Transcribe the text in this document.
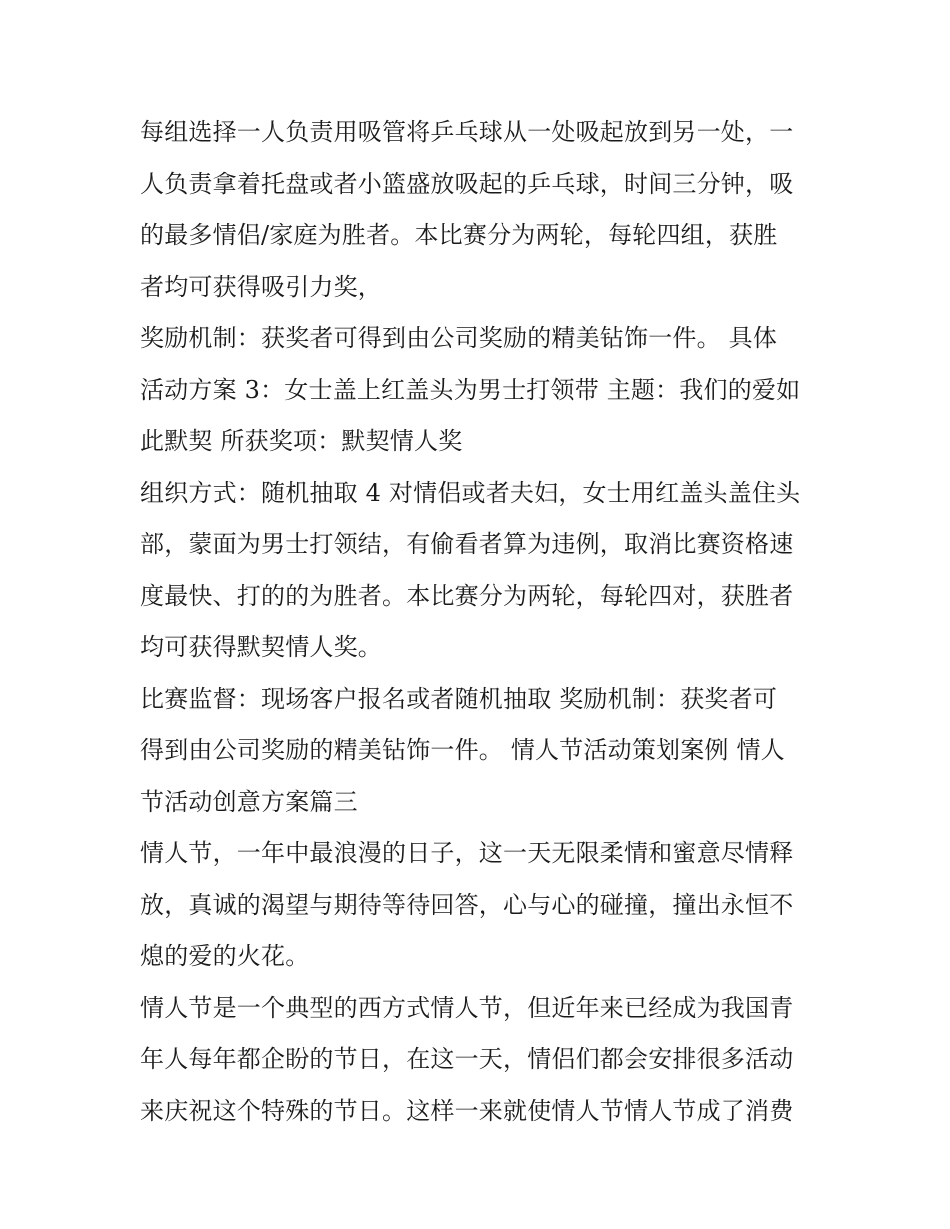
每组选择一人负责用吸管将乒乓球从一处吸起放到另一处，一
人负责拿着托盘或者小篮盛放吸起的乒乓球，时间三分钟，吸
的最多情侣/家庭为胜者。本比赛分为两轮，每轮四组，获胜
者均可获得吸引力奖，
奖励机制：获奖者可得到由公司奖励的精美钻饰一件。 具体
活动方案 3：女士盖上红盖头为男士打领带 主题：我们的爱如
此默契 所获奖项：默契情人奖
组织方式：随机抽取 4 对情侣或者夫妇，女士用红盖头盖住头
部，蒙面为男士打领结，有偷看者算为违例，取消比赛资格速
度最快、打的的为胜者。本比赛分为两轮，每轮四对，获胜者
均可获得默契情人奖。
比赛监督：现场客户报名或者随机抽取 奖励机制：获奖者可
得到由公司奖励的精美钻饰一件。 情人节活动策划案例 情人
节活动创意方案篇三
情人节，一年中最浪漫的日子，这一天无限柔情和蜜意尽情释
放，真诚的渴望与期待等待回答，心与心的碰撞，撞出永恒不
熄的爱的火花。
情人节是一个典型的西方式情人节，但近年来已经成为我国青
年人每年都企盼的节日，在这一天，情侣们都会安排很多活动
来庆祝这个特殊的节日。这样一来就使情人节情人节成了消费
